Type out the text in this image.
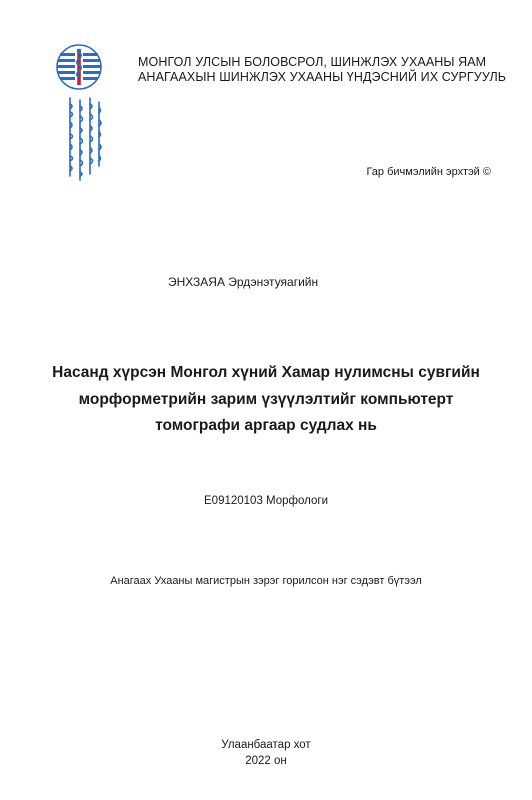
МОНГОЛ УЛСЫН БОЛОВСРОЛ, ШИНЖЛЭХ УХААНЫ ЯАМ
АНАГААХЫН ШИНЖЛЭХ УХААНЫ ҮНДЭСНИЙ ИХ СУРГУУЛЬ
Гар бичмэлийн эрхтэй ©
ЭНХЗАЯА Эрдэнэтуяагийн
Насанд хүрсэн Монгол хүний Хамар нулимсны сувгийн
морформетрийн зарим үзүүлэлтийг компьютерт
томографи аргаар судлах нь
Е09120103 Морфологи
Анагаах Ухааны магистрын зэрэг горилсон нэг сэдэвт бүтээл
Улаанбаатар хот
2022 он
